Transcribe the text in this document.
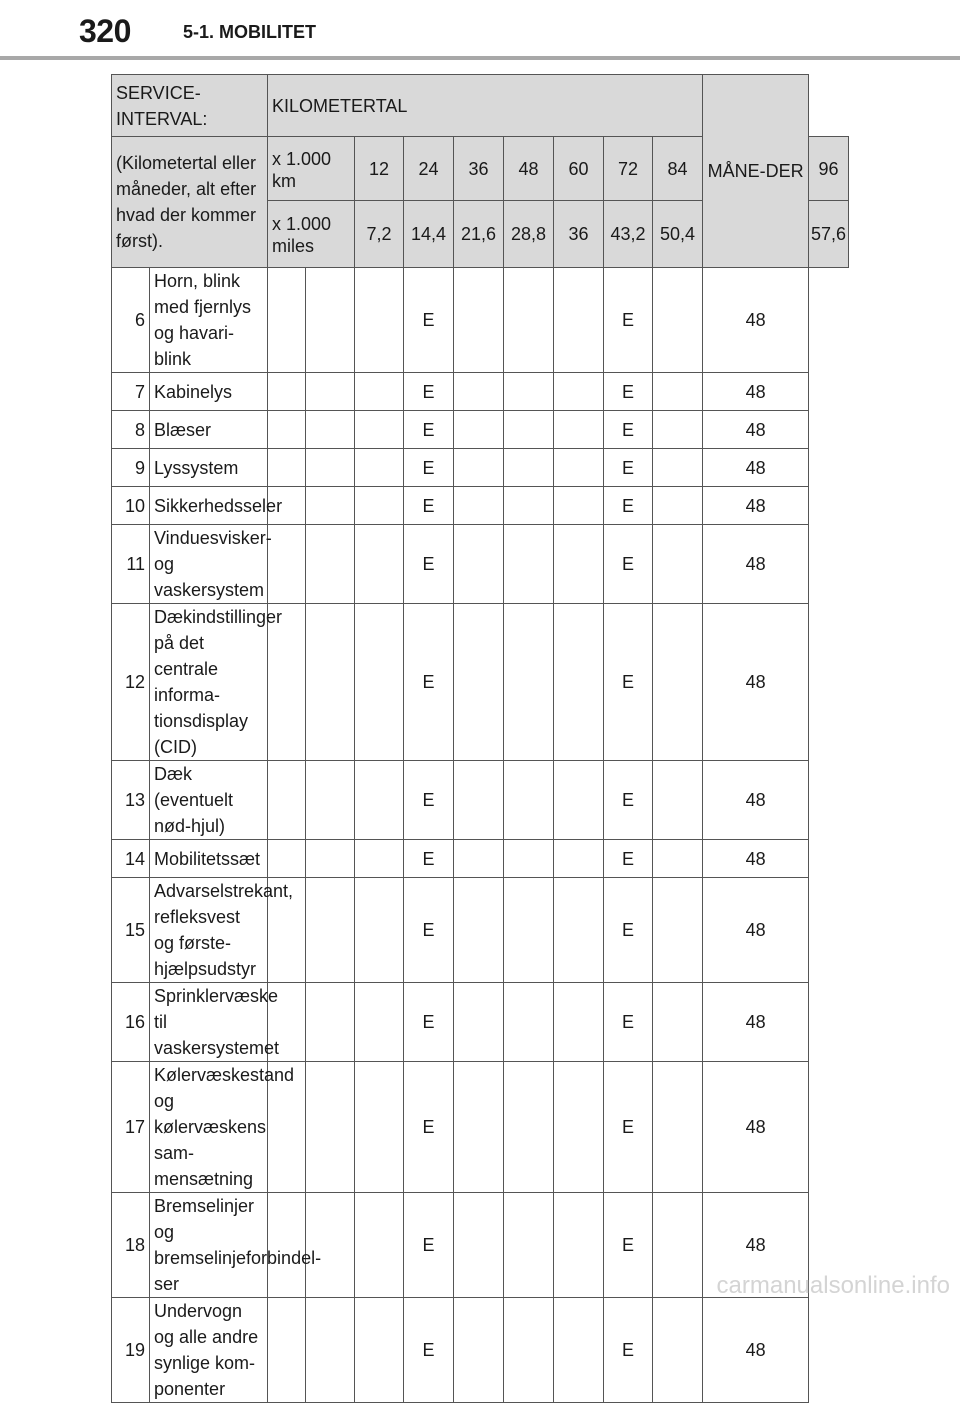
320	5-1. MOBILITET
SERVICE-INTERVAL:		KILOMETERTAL									MÅNE-DER	
(Kilometertal eller måneder, alt efter hvad der kommer først).		x 1.000 km		12	24	36	48	60	72	84		96
		x 1.000 miles		7,2	14,4	21,6	28,8	36	43,2	50,4		57,6
6	Horn, blink med fjernlys og havari-blink				E				E		48	
7	Kabinelys				E				E		48	
8	Blæser				E				E		48	
9	Lyssystem				E				E		48	
10	Sikkerhedsseler				E				E		48	
11	Vinduesvisker- og vaskersystem				E				E		48	
12	Dækindstillinger på det centrale informa-tionsdisplay (CID)				E				E		48	
13	Dæk (eventuelt nød-hjul)				E				E		48	
14	Mobilitetssæt				E				E		48	
15	Advarselstrekant, refleksvest og første-hjælpsudstyr				E				E		48	
16	Sprinklervæske til vaskersystemet				E				E		48	
17	Kølervæskestand og kølervæskens sam-mensætning				E				E		48	
18	Bremselinjer og bremselinjeforbindel-ser				E				E		48	
19	Undervogn og alle andre synlige kom-ponenter				E				E		48	
carmanualsonline.info
